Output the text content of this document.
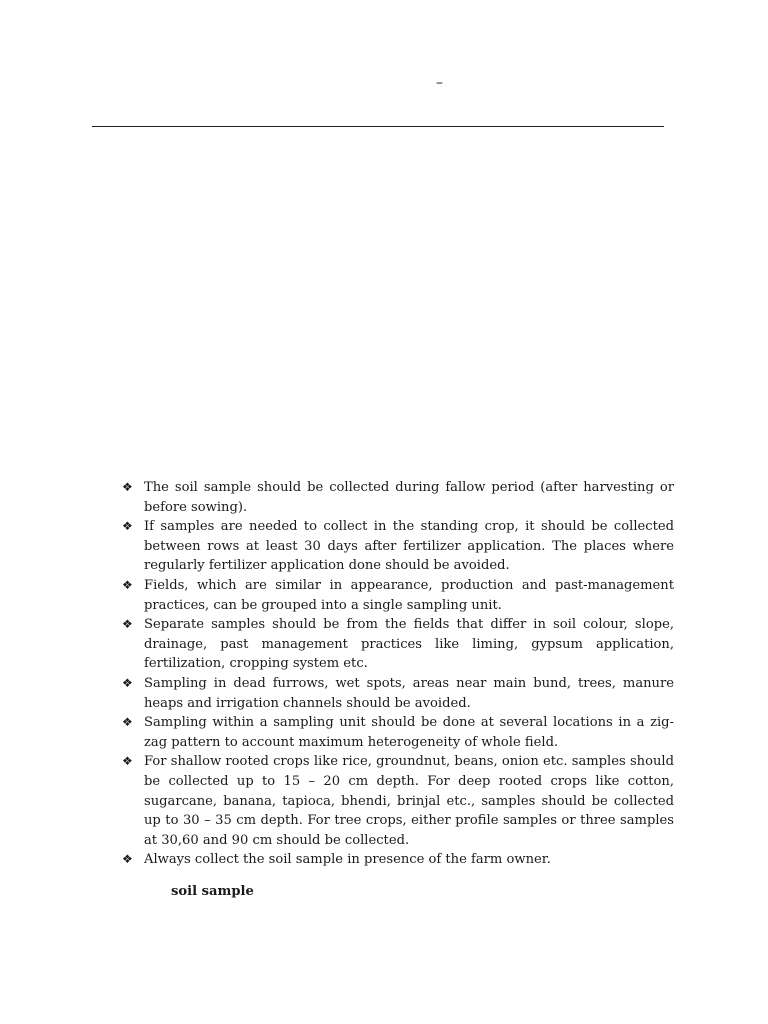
–
❖ The soil sample should be collected during fallow period (after harvesting or before sowing).
❖ If samples are needed to collect in the standing crop, it should be collected between rows at least 30 days after fertilizer application. The places where regularly fertilizer application done should be avoided.
❖ Fields, which are similar in appearance, production and past-management practices, can be grouped into a single sampling unit.
❖ Separate samples should be from the fields that differ in soil colour, slope, drainage, past management practices like liming, gypsum application, fertilization, cropping system etc.
❖ Sampling in dead furrows, wet spots, areas near main bund, trees, manure heaps and irrigation channels should be avoided.
❖ Sampling within a sampling unit should be done at several locations in a zig-zag pattern to account maximum heterogeneity of whole field.
❖ For shallow rooted crops like rice, groundnut, beans, onion etc. samples should be collected up to 15 – 20 cm depth. For deep rooted crops like cotton, sugarcane, banana, tapioca, bhendi, brinjal etc., samples should be collected up to 30 – 35 cm depth. For tree crops, either profile samples or three samples at 30,60 and 90 cm should be collected.
❖ Always collect the soil sample in presence of the farm owner.
soil sample
